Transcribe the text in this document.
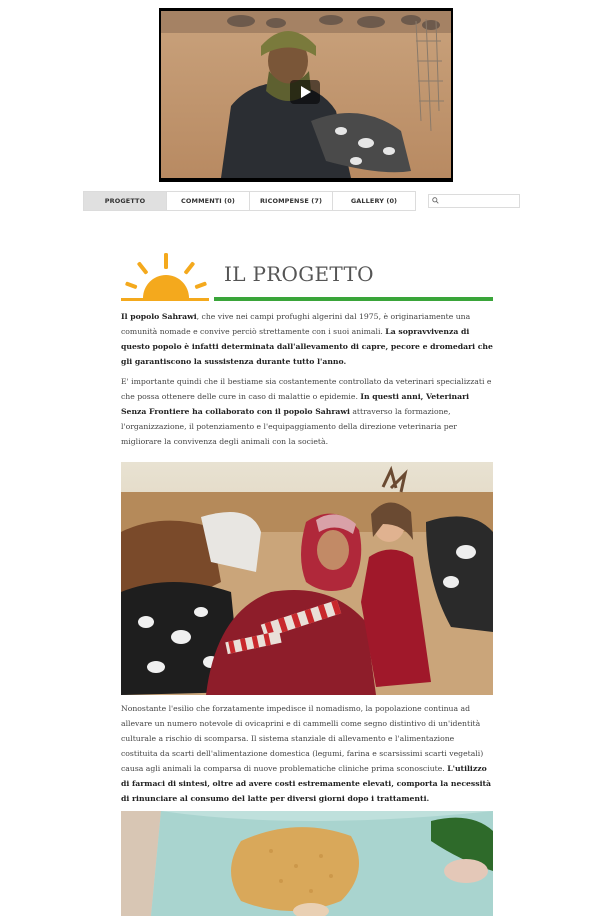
PROGETTO	COMMENTI (0)	RICOMPENSE (7)	GALLERY (0)
IL PROGETTO

Il popolo Sahrawi, che vive nei campi profughi algerini dal 1975, è originariamente una comunità nomade e convive perciò strettamente con i suoi animali. La sopravvivenza di questo popolo è infatti determinata dall'allevamento di capre, pecore e dromedari che gli garantiscono la sussistenza durante tutto l'anno.

E' importante quindi che il bestiame sia costantemente controllato da veterinari specializzati e che possa ottenere delle cure in caso di malattie o epidemie. In questi anni, Veterinari Senza Frontiere ha collaborato con il popolo Sahrawi attraverso la formazione, l'organizzazione, il potenziamento e l'equipaggiamento della direzione veterinaria per migliorare la convivenza degli animali con la società.

Nonostante l'esilio che forzatamente impedisce il nomadismo, la popolazione continua ad allevare un numero notevole di ovicaprini e di cammelli come segno distintivo di un'identità culturale a rischio di scomparsa. Il sistema stanziale di allevamento e l'alimentazione costituita da scarti dell'alimentazione domestica (legumi, farina e scarsissimi scarti vegetali) causa agli animali la comparsa di nuove problematiche cliniche prima sconosciute. L'utilizzo di farmaci di sintesi, oltre ad avere costi estremamente elevati, comporta la necessità di rinunciare al consumo del latte per diversi giorni dopo i trattamenti.
